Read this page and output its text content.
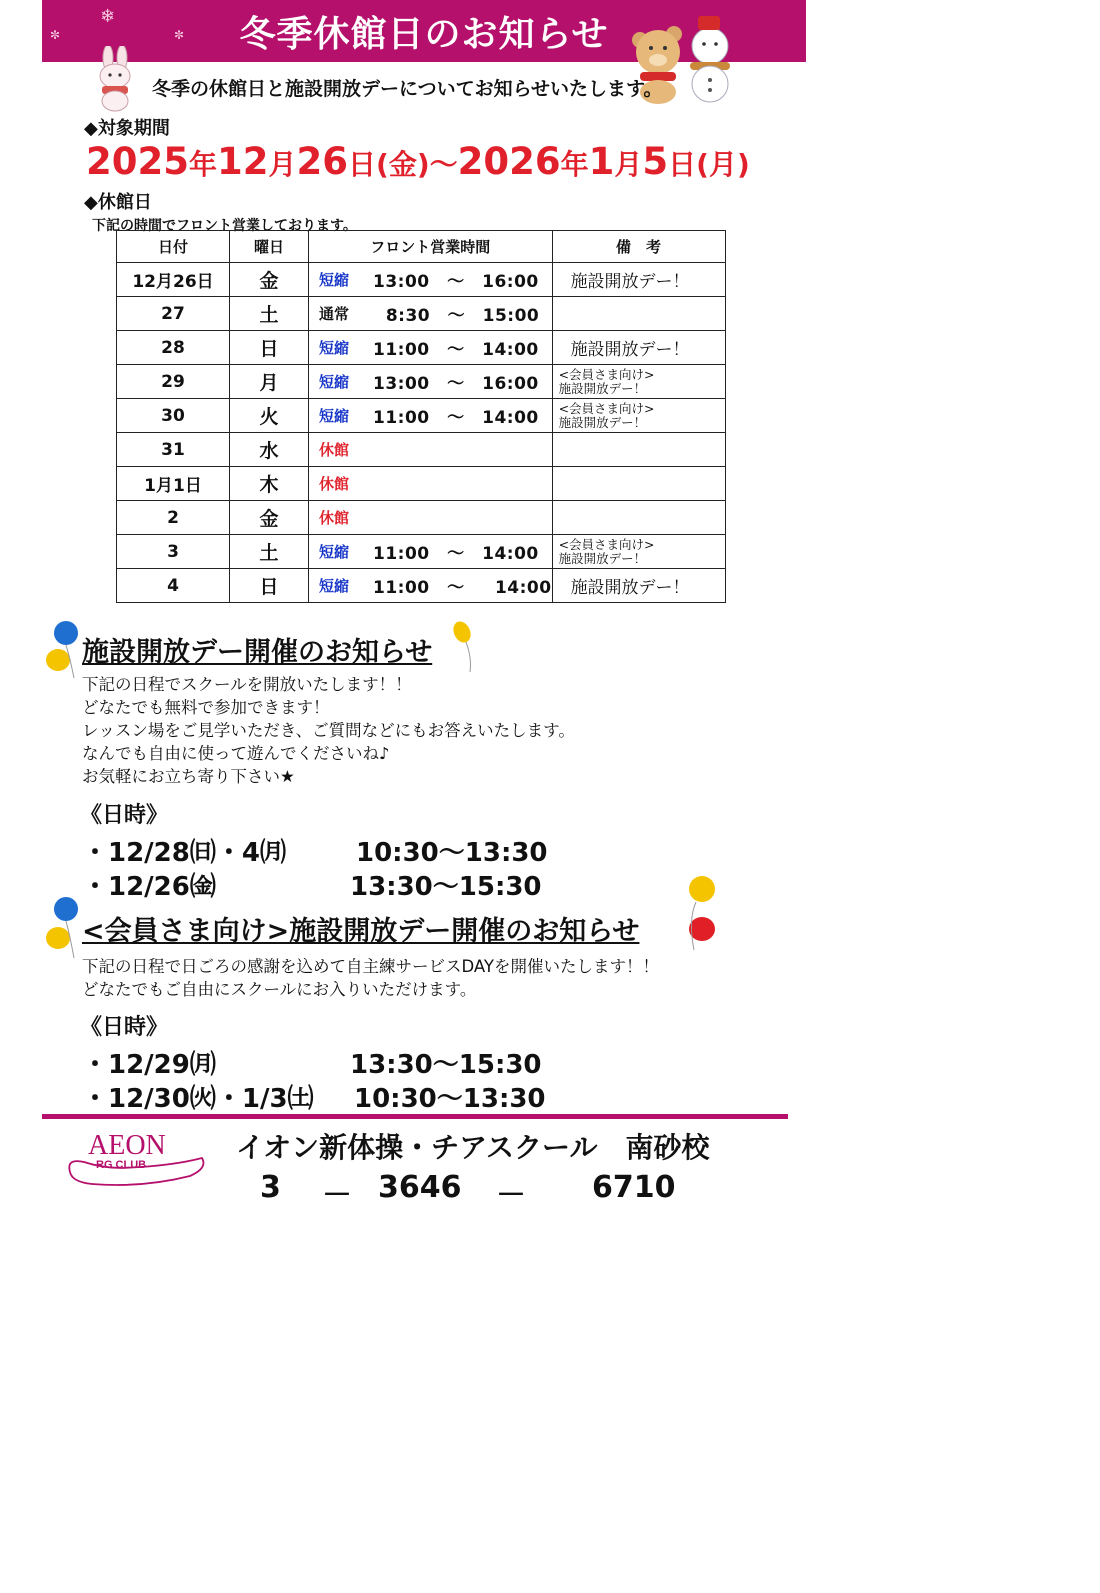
❄
✼	✼	冬季休館日のお知らせ
冬季の休館日と施設開放デーについてお知らせいたします。
◆対象期間
2025年12月26日(金)～2026年1月5日(月)
◆休館日
下記の時間でフロント営業しております。
日付	曜日	フロント営業時間	備　考
12月26日	金	短縮 13:00　～　16:00	施設開放デー！
27	土	通常 8:30　～　15:00	

28	日	短縮 11:00　～　14:00	施設開放デー！
29	月	短縮 13:00　～　16:00	<会員さま向け>
施設開放デー！

30	火	短縮 11:00　～　14:00	<会員さま向け>
施設開放デー！

31	水	休館	

1月1日	木	休館	

2	金	休館	

3	土	短縮 11:00　～　14:00	<会員さま向け>
施設開放デー！

4	日	短縮 11:00　～　  14:00	施設開放デー！
施設開放デー開催のお知らせ
下記の日程でスクールを開放いたします！！
どなたでも無料で参加できます！
レッスン場をご見学いただき、ご質問などにもお答えいたします。
なんでも自由に使って遊んでくださいね♪
お気軽にお立ち寄り下さい★
《日時》
・12/28㈰・4㈪	10:30～13:30
・12/26㈮	13:30～15:30
<会員さま向け>施設開放デー開催のお知らせ
下記の日程で日ごろの感謝を込めて自主練サービスDAYを開催いたします！！
どなたでもご自由にスクールにお入りいただけます。
《日時》
・12/29㈪	13:30～15:30
・12/30㈫・1/3㈯ 10:30～13:30
AEON
RG CLUB
イオン新体操・チアスクール　南砂校
3 － 3646 － 6710
